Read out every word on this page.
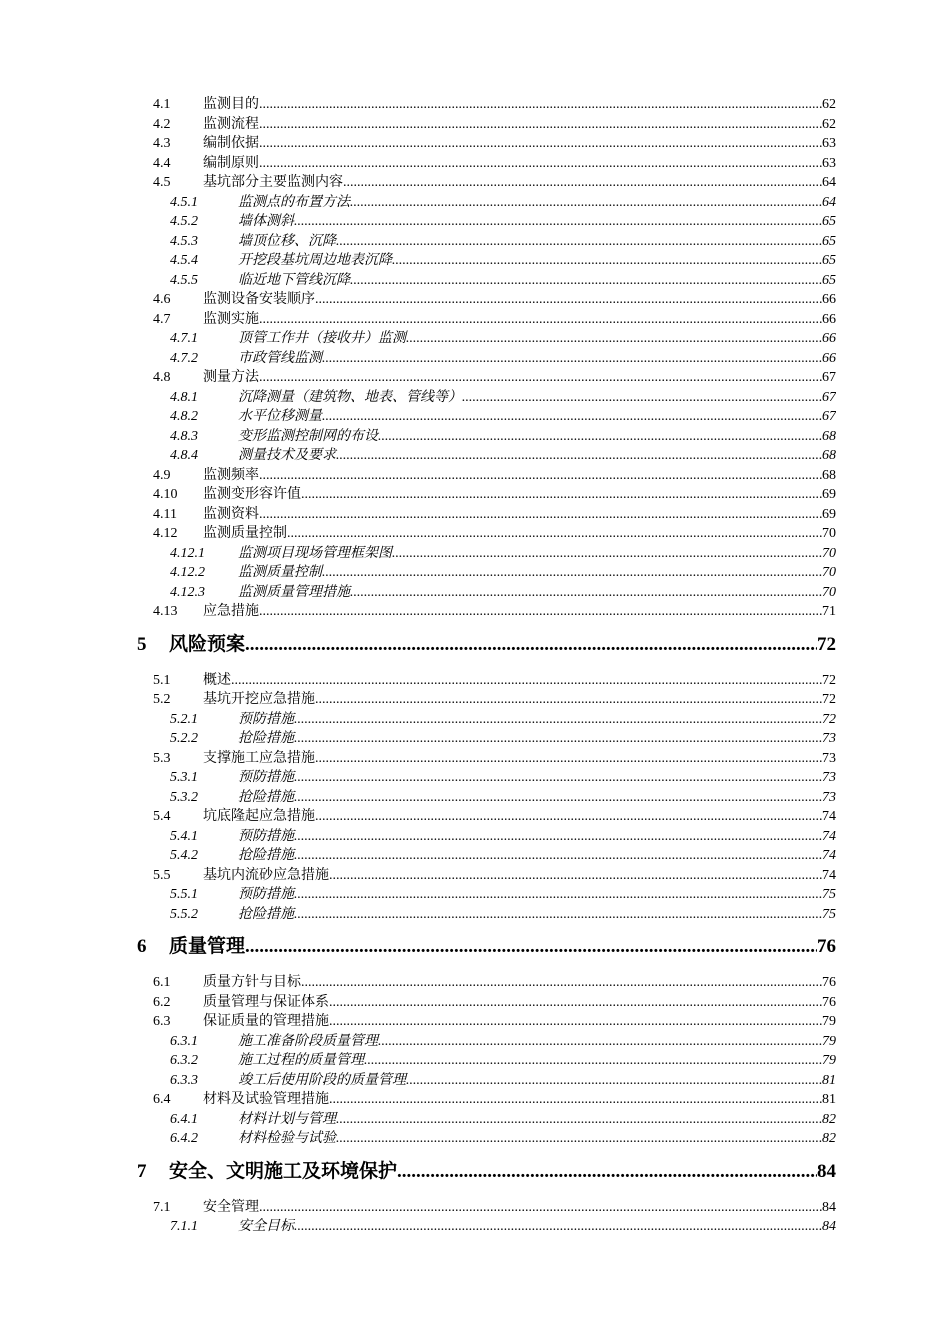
4.1	监测目的 .....	62
4.2	监测流程 .....	62
4.3	编制依据 .....	63
4.4	编制原则 .....	63
4.5	基坑部分主要监测内容 .....	64
4.5.1	监测点的布置方法 .....	64
4.5.2	墙体测斜 .....	65
4.5.3	墙顶位移、沉降 .....	65
4.5.4	开挖段基坑周边地表沉降 .....	65
4.5.5	临近地下管线沉降 .....	65
4.6	监测设备安装顺序 .....	66
4.7	监测实施 .....	66
4.7.1	顶管工作井（接收井）监测 .....	66
4.7.2	市政管线监测 .....	66
4.8	测量方法 .....	67
4.8.1	沉降测量（建筑物、地表、管线等） .....	67
4.8.2	水平位移测量 .....	67
4.8.3	变形监测控制网的布设 .....	68
4.8.4	测量技术及要求 .....	68
4.9	监测频率 .....	68
4.10	监测变形容许值 .....	69
4.11	监测资料 .....	69
4.12	监测质量控制 .....	70
4.12.1	监测项目现场管理框架图 .....	70
4.12.2	监测质量控制 .....	70
4.12.3	监测质量管理措施 .....	70
4.13	应急措施 .....	71
5	风险预案 .....	72
5.1	概述 .....	72
5.2	基坑开挖应急措施 .....	72
5.2.1	预防措施 .....	72
5.2.2	抢险措施 .....	73
5.3	支撑施工应急措施 .....	73
5.3.1	预防措施 .....	73
5.3.2	抢险措施 .....	73
5.4	坑底隆起应急措施 .....	74
5.4.1	预防措施 .....	74
5.4.2	抢险措施 .....	74
5.5	基坑内流砂应急措施 .....	74
5.5.1	预防措施 .....	75
5.5.2	抢险措施 .....	75
6	质量管理 .....	76
6.1	质量方针与目标 .....	76
6.2	质量管理与保证体系 .....	76
6.3	保证质量的管理措施 .....	79
6.3.1	施工准备阶段质量管理 .....	79
6.3.2	施工过程的质量管理 .....	79
6.3.3	竣工后使用阶段的质量管理 .....	81
6.4	材料及试验管理措施 .....	81
6.4.1	材料计划与管理 .....	82
6.4.2	材料检验与试验 .....	82
7	安全、文明施工及环境保护 .....	84
7.1	安全管理 .....	84
7.1.1	安全目标 .....	84
